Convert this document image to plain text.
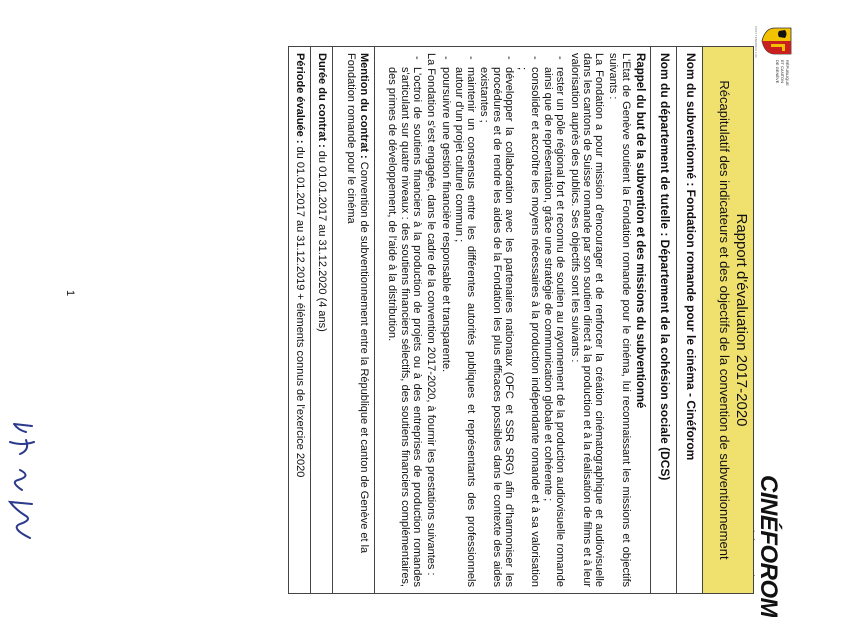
RÉPUBLIQUE
ET CANTON
DE GENÈVE
POST TENEBRAS LUX
CINÉFOROM
Rapport d'évaluation 2017-2020
Récapitulatif des indicateurs et des objectifs de la convention de subventionnement
Nom du subventionné : Fondation romande pour le cinéma - Cinéforom
Nom du département de tutelle : Département de la cohésion sociale (DCS)
Rappel du but de la subvention et des missions du subventionné

L'Etat de Genève soutient la Fondation romande pour le cinéma, lui reconnaissant les missions et objectifs suivants :

La Fondation a pour mission d'encourager et de renforcer la création cinématographique et audiovisuelle dans les cantons de Suisse romande par son soutien direct à la production et à la réalisation de films et à leur valorisation auprès des publics. Ses objectifs sont les suivants :

- rester un pôle régional fort et reconnu de soutien au rayonnement de la production audiovisuelle romande ainsi que de représentation, grâce une stratégie de communication globale et cohérente ;
- consolider et accroître les moyens nécessaires à la production indépendante romande et à sa valorisation ;
- développer la collaboration avec les partenaires nationaux (OFC et SSR SRG) afin d'harmoniser les procédures et de rendre les aides de la Fondation les plus efficaces possibles dans le contexte des aides existantes ;
- maintenir un consensus entre les différentes autorités publiques et représentants des professionnels autour d'un projet culturel commun ;
- poursuivre une gestion financière responsable et transparente.

La Fondation s'est engagée, dans le cadre de la convention 2017-2020, à fournir les prestations suivantes :

- L'octroi de soutiens financiers à la production de projets ou à des entreprises de production romandes s'articulant sur quatre niveaux : des soutiens financiers sélectifs, des soutiens financiers complémentaires, des primes de développement, de l'aide à la distribution.
Mention du contrat : Convention de subventionnement entre la République et canton de Genève et la Fondation romande pour le cinéma
Durée du contrat : du 01.01.2017 au 31.12.2020 (4 ans)
Période évaluée : du 01.01.2017 au 31.12.2019 + éléments connus de l'exercice 2020
1
